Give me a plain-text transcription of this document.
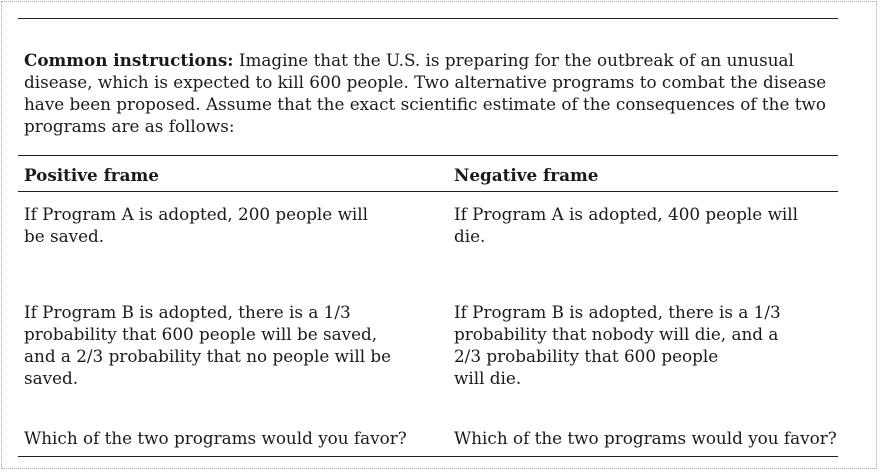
Common instructions: Imagine that the U.S. is preparing for the outbreak of an unusual disease, which is expected to kill 600 people. Two alternative programs to combat the disease have been proposed. Assume that the exact scientific estimate of the consequences of the two programs are as follows:
Positive frame	Negative frame
If Program A is adopted, 200 people will
be saved.
If Program A is adopted, 400 people will
die.
If Program B is adopted, there is a 1/3
probability that 600 people will be saved,
and a 2/3 probability that no people will be
saved.
If Program B is adopted, there is a 1/3
probability that nobody will die, and a
2/3 probability that 600 people
will die.
Which of the two programs would you favor?	Which of the two programs would you favor?
